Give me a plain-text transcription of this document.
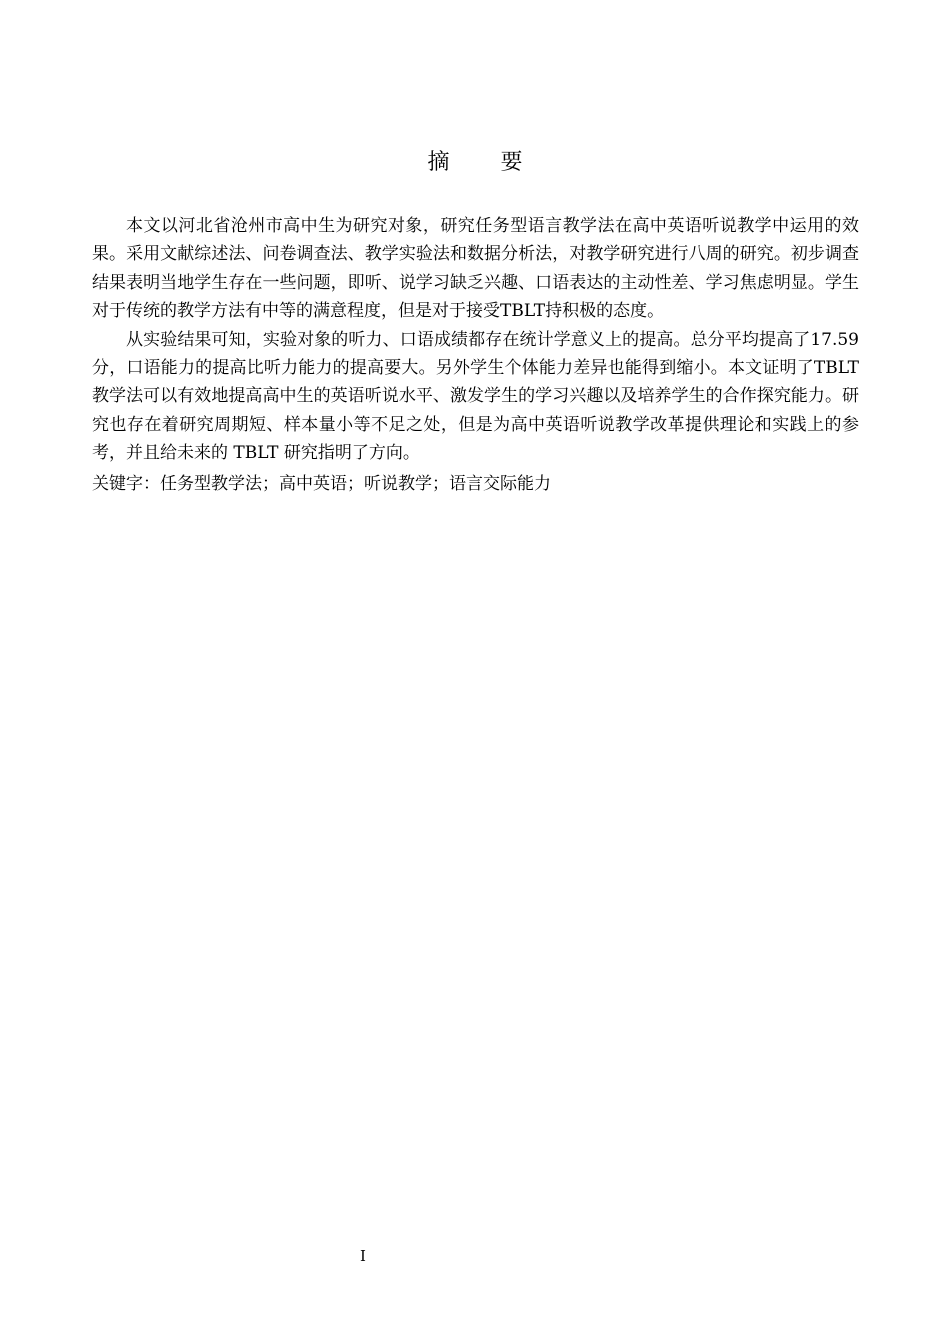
摘 要

本文以河北省沧州市高中生为研究对象，研究任务型语言教学法在高中英语听说教学中运用的效果。采用文献综述法、问卷调查法、教学实验法和数据分析法，对教学研究进行八周的研究。初步调查结果表明当地学生存在一些问题，即听、说学习缺乏兴趣、口语表达的主动性差、学习焦虑明显。学生对于传统的教学方法有中等的满意程度，但是对于接受TBLT持积极的态度。

从实验结果可知，实验对象的听力、口语成绩都存在统计学意义上的提高。总分平均提高了17.59分，口语能力的提高比听力能力的提高要大。另外学生个体能力差异也能得到缩小。本文证明了TBLT教学法可以有效地提高高中生的英语听说水平、激发学生的学习兴趣以及培养学生的合作探究能力。研究也存在着研究周期短、样本量小等不足之处，但是为高中英语听说教学改革提供理论和实践上的参考，并且给未来的 TBLT 研究指明了方向。

关键字：任务型教学法；高中英语；听说教学；语言交际能力

I
